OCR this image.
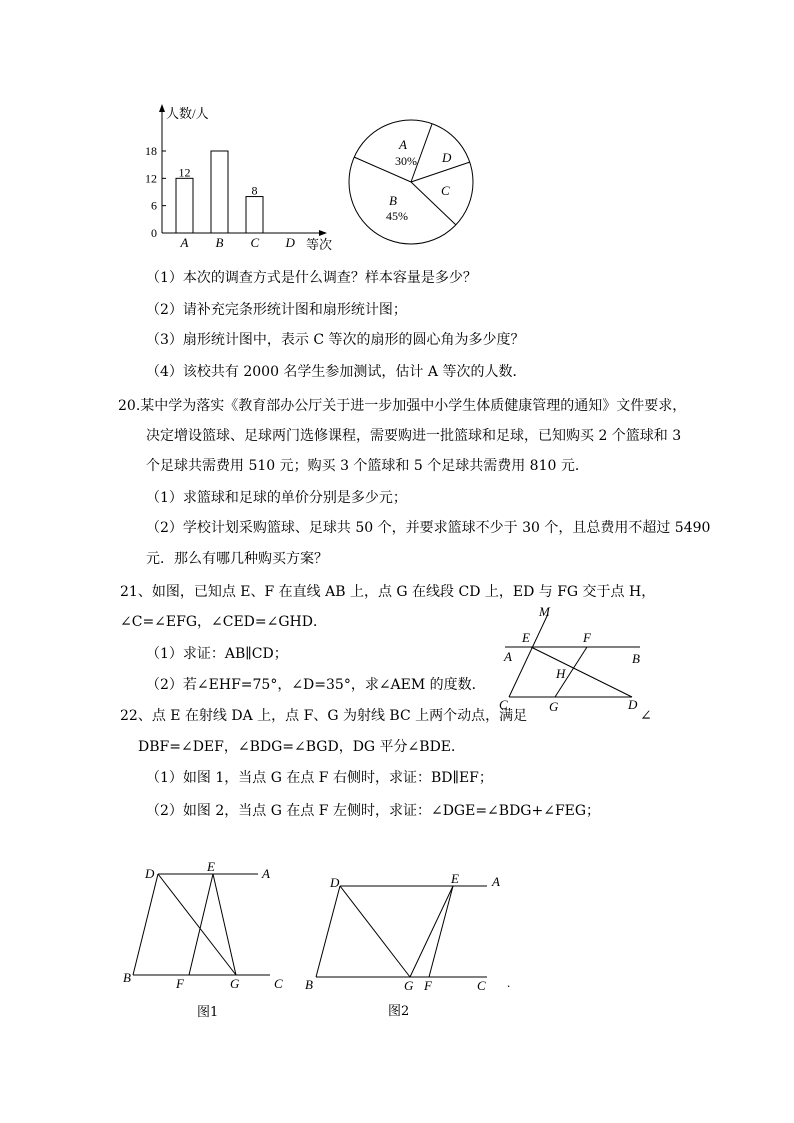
人数/人
等次
18
12
6
0
12
A B
8
C D
A
30% D
C
B
45%
（1）本次的调查方式是什么调查？样本容量是多少？
（2）请补充完条形统计图和扇形统计图；
（3）扇形统计图中，表示 C 等次的扇形的圆心角为多少度？
（4）该校共有 2000 名学生参加测试，估计 A 等次的人数．
20.某中学为落实《教育部办公厅关于进一步加强中小学生体质健康管理的通知》文件要求，
决定增设篮球、足球两门选修课程，需要购进一批篮球和足球，已知购买 2 个篮球和 3
个足球共需费用 510 元；购买 3 个篮球和 5 个足球共需费用 810 元．
（1）求篮球和足球的单价分别是多少元；
（2）学校计划采购篮球、足球共 50 个，并要求篮球不少于 30 个，且总费用不超过 5490
元．那么有哪几种购买方案？
21、如图，已知点 E、F 在直线 AB 上，点 G 在线段 CD 上，ED 与 FG 交于点 H，
∠C=∠EFG，∠CED=∠GHD．
（1）求证：AB∥CD；
（2）若∠EHF=75°，∠D=35°，求∠AEM 的度数．
M
E	F
A	B
H
C	G	D
22、点 E 在射线 DA 上，点 F、G 为射线 BC 上两个动点，满足	∠
DBF=∠DEF，∠BDG=∠BGD，DG 平分∠BDE．
（1）如图 1，当点 G 在点 F 右侧时，求证：BD∥EF；
（2）如图 2，当点 G 在点 F 左侧时，求证：∠DGE=∠BDG+∠FEG；
D	E	A
B	F	G	C
图1
D	E	A
B	G F	C .
图2
